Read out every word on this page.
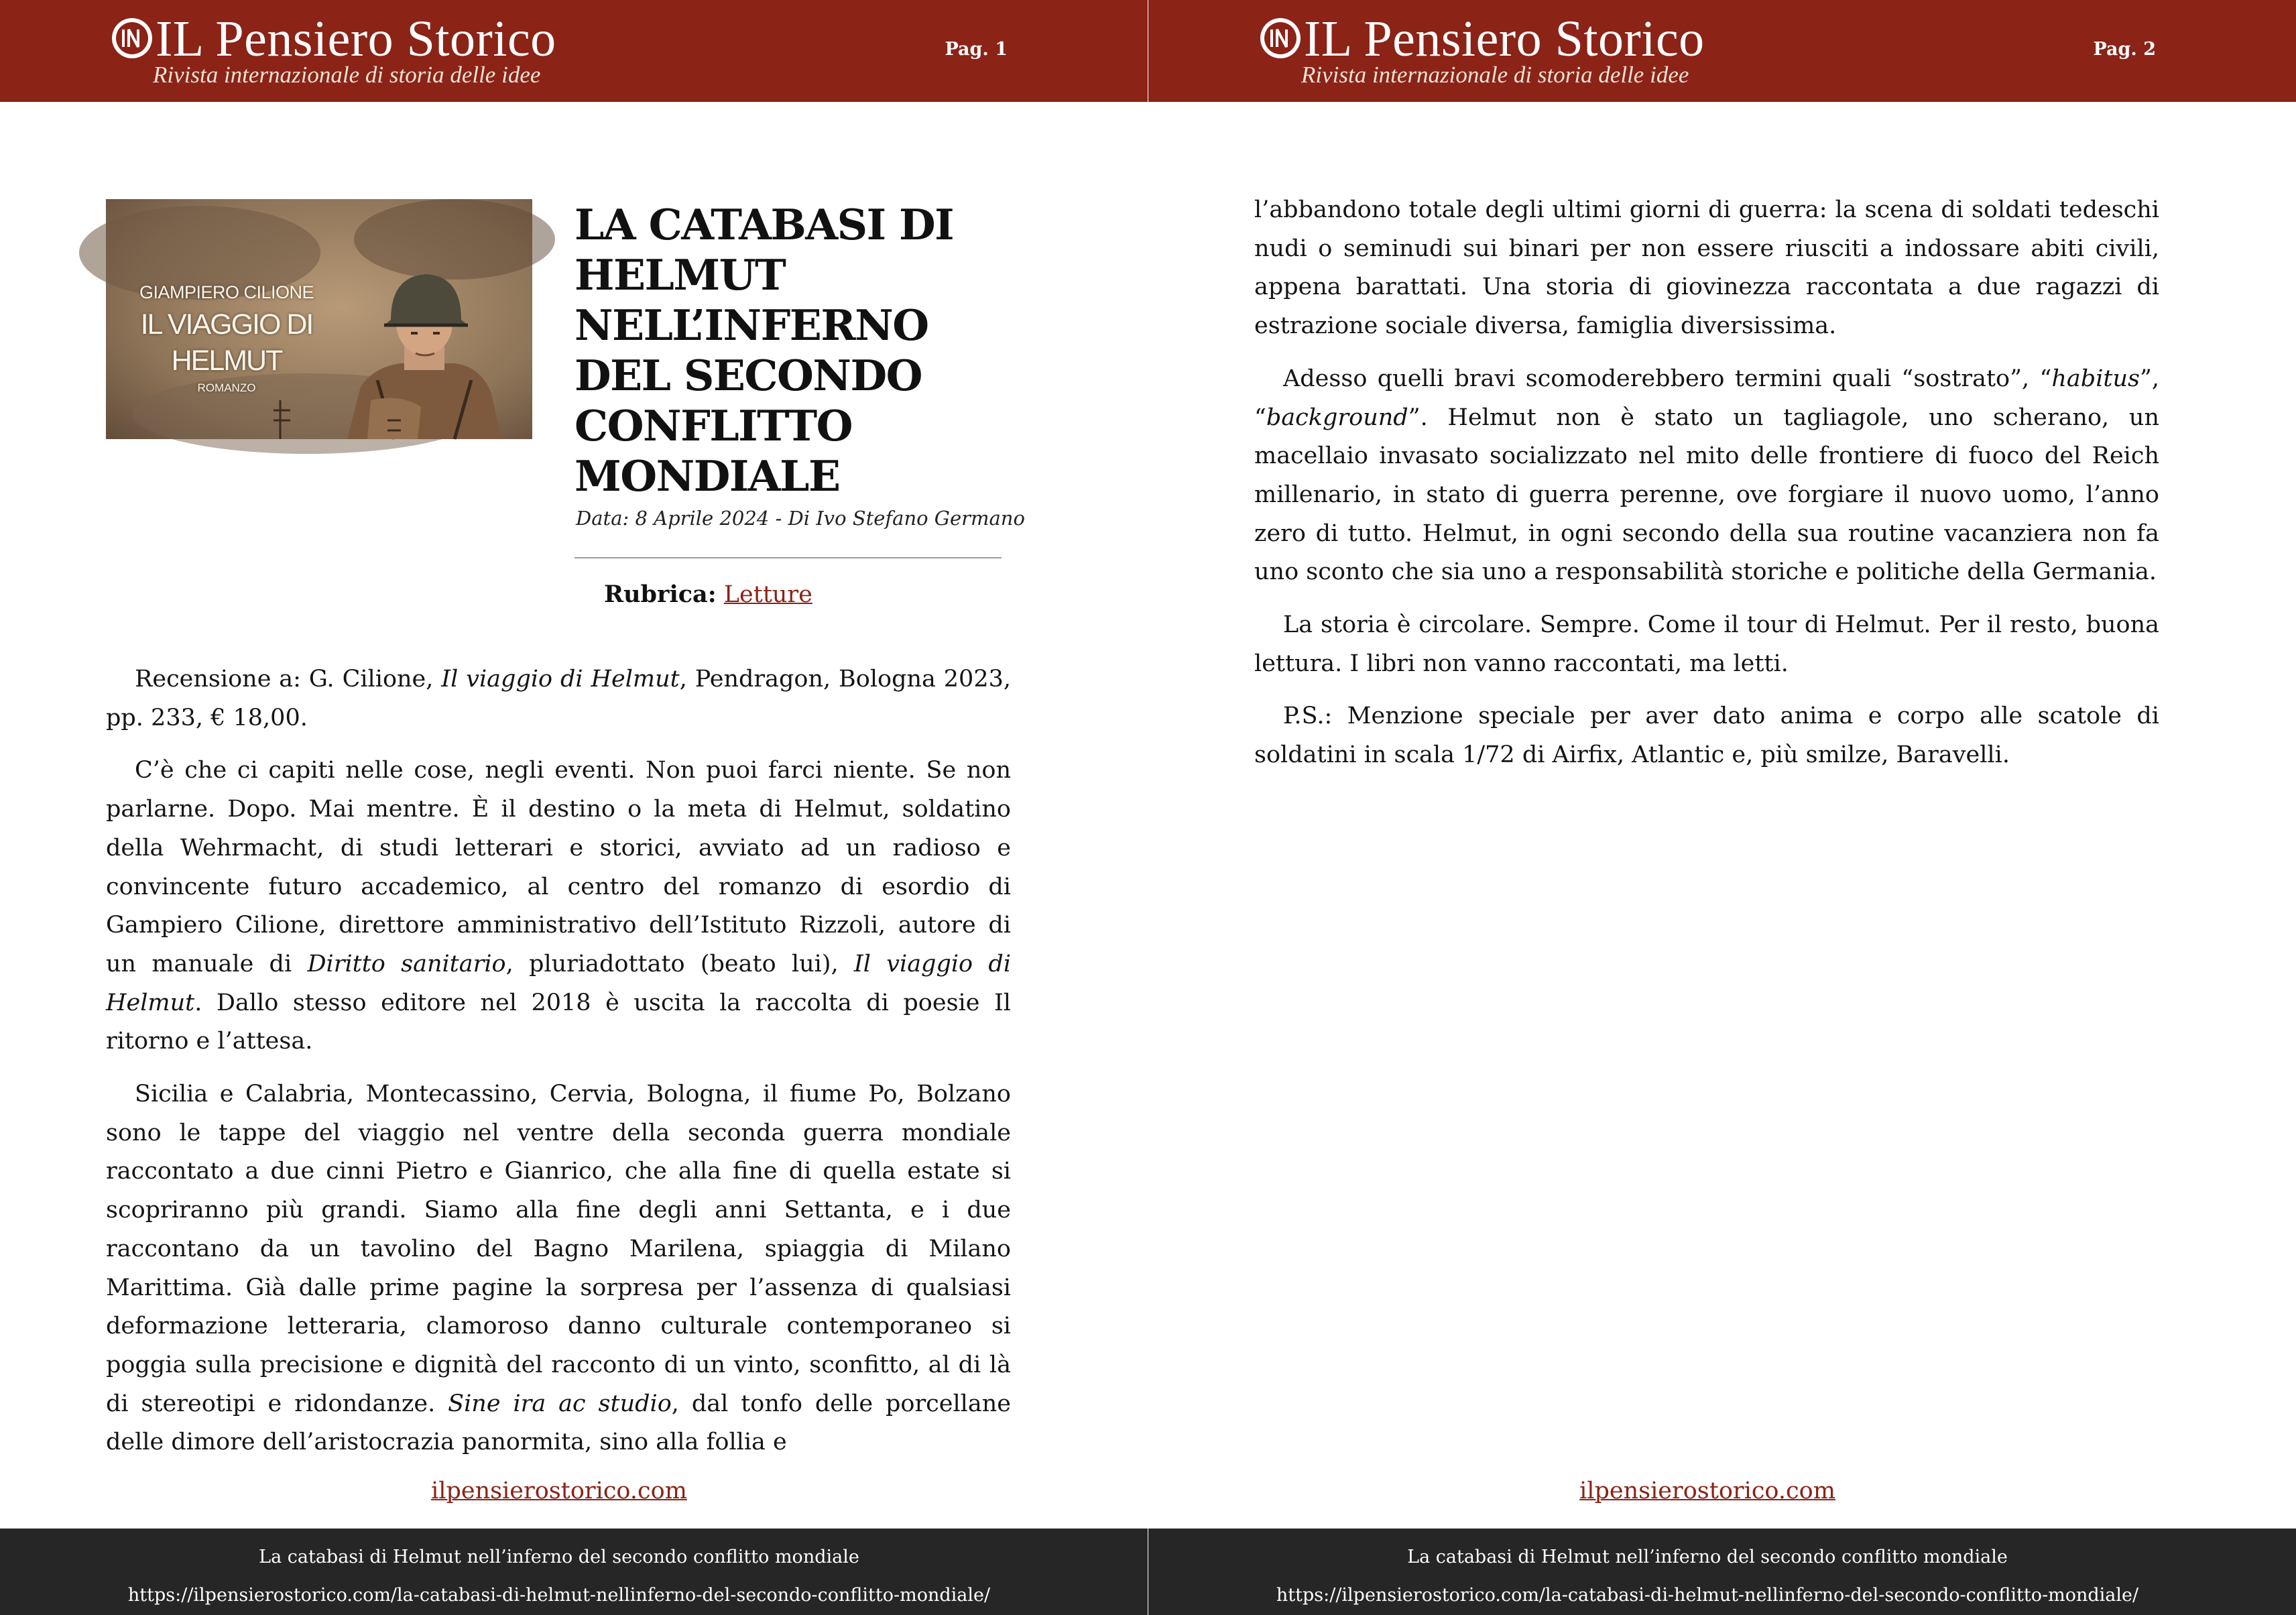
IL Pensiero Storico
Rivista internazionale di storia delle idee
Pag. 1
GIAMPIERO CILIONE
IL VIAGGIO DI
HELMUT
ROMANZO
LA CATABASI DI HELMUT NELL’INFERNO DEL SECONDO CONFLITTO MONDIALE
Data: 8 Aprile 2024 - Di Ivo Stefano Germano
Rubrica: Letture

Recensione a: G. Cilione, Il viaggio di Helmut, Pendragon, Bologna 2023, pp. 233, € 18,00.

C’è che ci capiti nelle cose, negli eventi. Non puoi farci niente. Se non parlarne. Dopo. Mai mentre. È il destino o la meta di Helmut, soldatino della Wehrmacht, di studi letterari e storici, avviato ad un radioso e convincente futuro accademico, al centro del romanzo di esordio di Gampiero Cilione, direttore amministrativo dell’Istituto Rizzoli, autore di un manuale di Diritto sanitario, pluriadottato (beato lui), Il viaggio di Helmut. Dallo stesso editore nel 2018 è uscita la raccolta di poesie Il ritorno e l’attesa.

Sicilia e Calabria, Montecassino, Cervia, Bologna, il fiume Po, Bolzano sono le tappe del viaggio nel ventre della seconda guerra mondiale raccontato a due cinni Pietro e Gianrico, che alla fine di quella estate si scopriranno più grandi. Siamo alla fine degli anni Settanta, e i due raccontano da un tavolino del Bagno Marilena, spiaggia di Milano Marittima. Già dalle prime pagine la sorpresa per l’assenza di qualsiasi deformazione letteraria, clamoroso danno culturale contemporaneo si poggia sulla precisione e dignità del racconto di un vinto, sconfitto, al di là di stereotipi e ridondanze. Sine ira ac studio, dal tonfo delle porcellane delle dimore dell’aristocrazia panormita, sino alla follia e

ilpensierostorico.com
La catabasi di Helmut nell’inferno del secondo conflitto mondiale
https://ilpensierostorico.com/la-catabasi-di-helmut-nellinferno-del-secondo-conflitto-mondiale/
IL Pensiero Storico
Rivista internazionale di storia delle idee
Pag. 2

l’abbandono totale degli ultimi giorni di guerra: la scena di soldati tedeschi nudi o seminudi sui binari per non essere riusciti a indossare abiti civili, appena barattati. Una storia di giovinezza raccontata a due ragazzi di estrazione sociale diversa, famiglia diversissima.

Adesso quelli bravi scomoderebbero termini quali “sostrato”, “habitus”, “background”. Helmut non è stato un tagliagole, uno scherano, un macellaio invasato socializzato nel mito delle frontiere di fuoco del Reich millenario, in stato di guerra perenne, ove forgiare il nuovo uomo, l’anno zero di tutto. Helmut, in ogni secondo della sua routine vacanziera non fa uno sconto che sia uno a responsabilità storiche e politiche della Germania.

La storia è circolare. Sempre. Come il tour di Helmut. Per il resto, buona lettura. I libri non vanno raccontati, ma letti.

P.S.: Menzione speciale per aver dato anima e corpo alle scatole di soldatini in scala 1/72 di Airfix, Atlantic e, più smilze, Baravelli.

ilpensierostorico.com
La catabasi di Helmut nell’inferno del secondo conflitto mondiale
https://ilpensierostorico.com/la-catabasi-di-helmut-nellinferno-del-secondo-conflitto-mondiale/
